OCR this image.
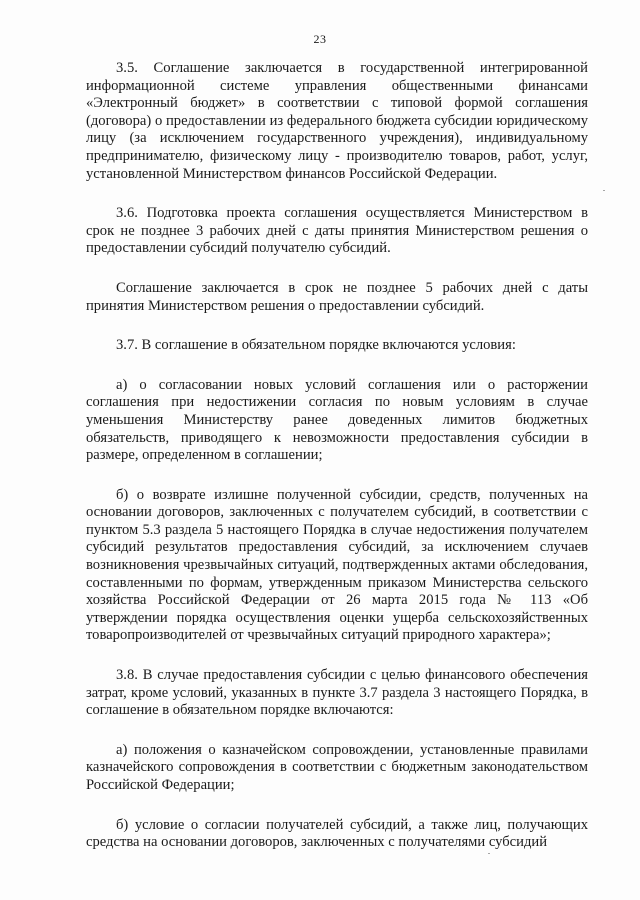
23

3.5. Соглашение заключается в государственной интегрированной информационной системе управления общественными финансами «Электронный бюджет» в соответствии с типовой формой соглашения (договора) о предоставлении из федерального бюджета субсидии юридическому лицу (за исключением государственного учреждения), индивидуальному предпринимателю, физическому лицу - производителю товаров, работ, услуг, установленной Министерством финансов Российской Федерации.

3.6. Подготовка проекта соглашения осуществляется Министерством в срок не позднее 3 рабочих дней с даты принятия Министерством решения о предоставлении субсидий получателю субсидий.

Соглашение заключается в срок не позднее 5 рабочих дней с даты принятия Министерством решения о предоставлении субсидий.

3.7. В соглашение в обязательном порядке включаются условия:

а) о согласовании новых условий соглашения или о расторжении соглашения при недостижении согласия по новым условиям в случае уменьшения Министерству ранее доведенных лимитов бюджетных обязательств, приводящего к невозможности предоставления субсидии в размере, определенном в соглашении;

б) о возврате излишне полученной субсидии, средств, полученных на основании договоров, заключенных с получателем субсидий, в соответствии с пунктом 5.3 раздела 5 настоящего Порядка в случае недостижения получателем субсидий результатов предоставления субсидий, за исключением случаев возникновения чрезвычайных ситуаций, подтвержденных актами обследования, составленными по формам, утвержденным приказом Министерства сельского хозяйства Российской Федерации от 26 марта 2015 года № 113 «Об утверждении порядка осуществления оценки ущерба сельскохозяйственных товаропроизводителей от чрезвычайных ситуаций природного характера»;

3.8. В случае предоставления субсидии с целью финансового обеспечения затрат, кроме условий, указанных в пункте 3.7 раздела 3 настоящего Порядка, в соглашение в обязательном порядке включаются:

а) положения о казначейском сопровождении, установленные правилами казначейского сопровождения в соответствии с бюджетным законодательством Российской Федерации;

б) условие о согласии получателей субсидий, а также лиц, получающих средства на основании договоров, заключенных с получателями субсидий
